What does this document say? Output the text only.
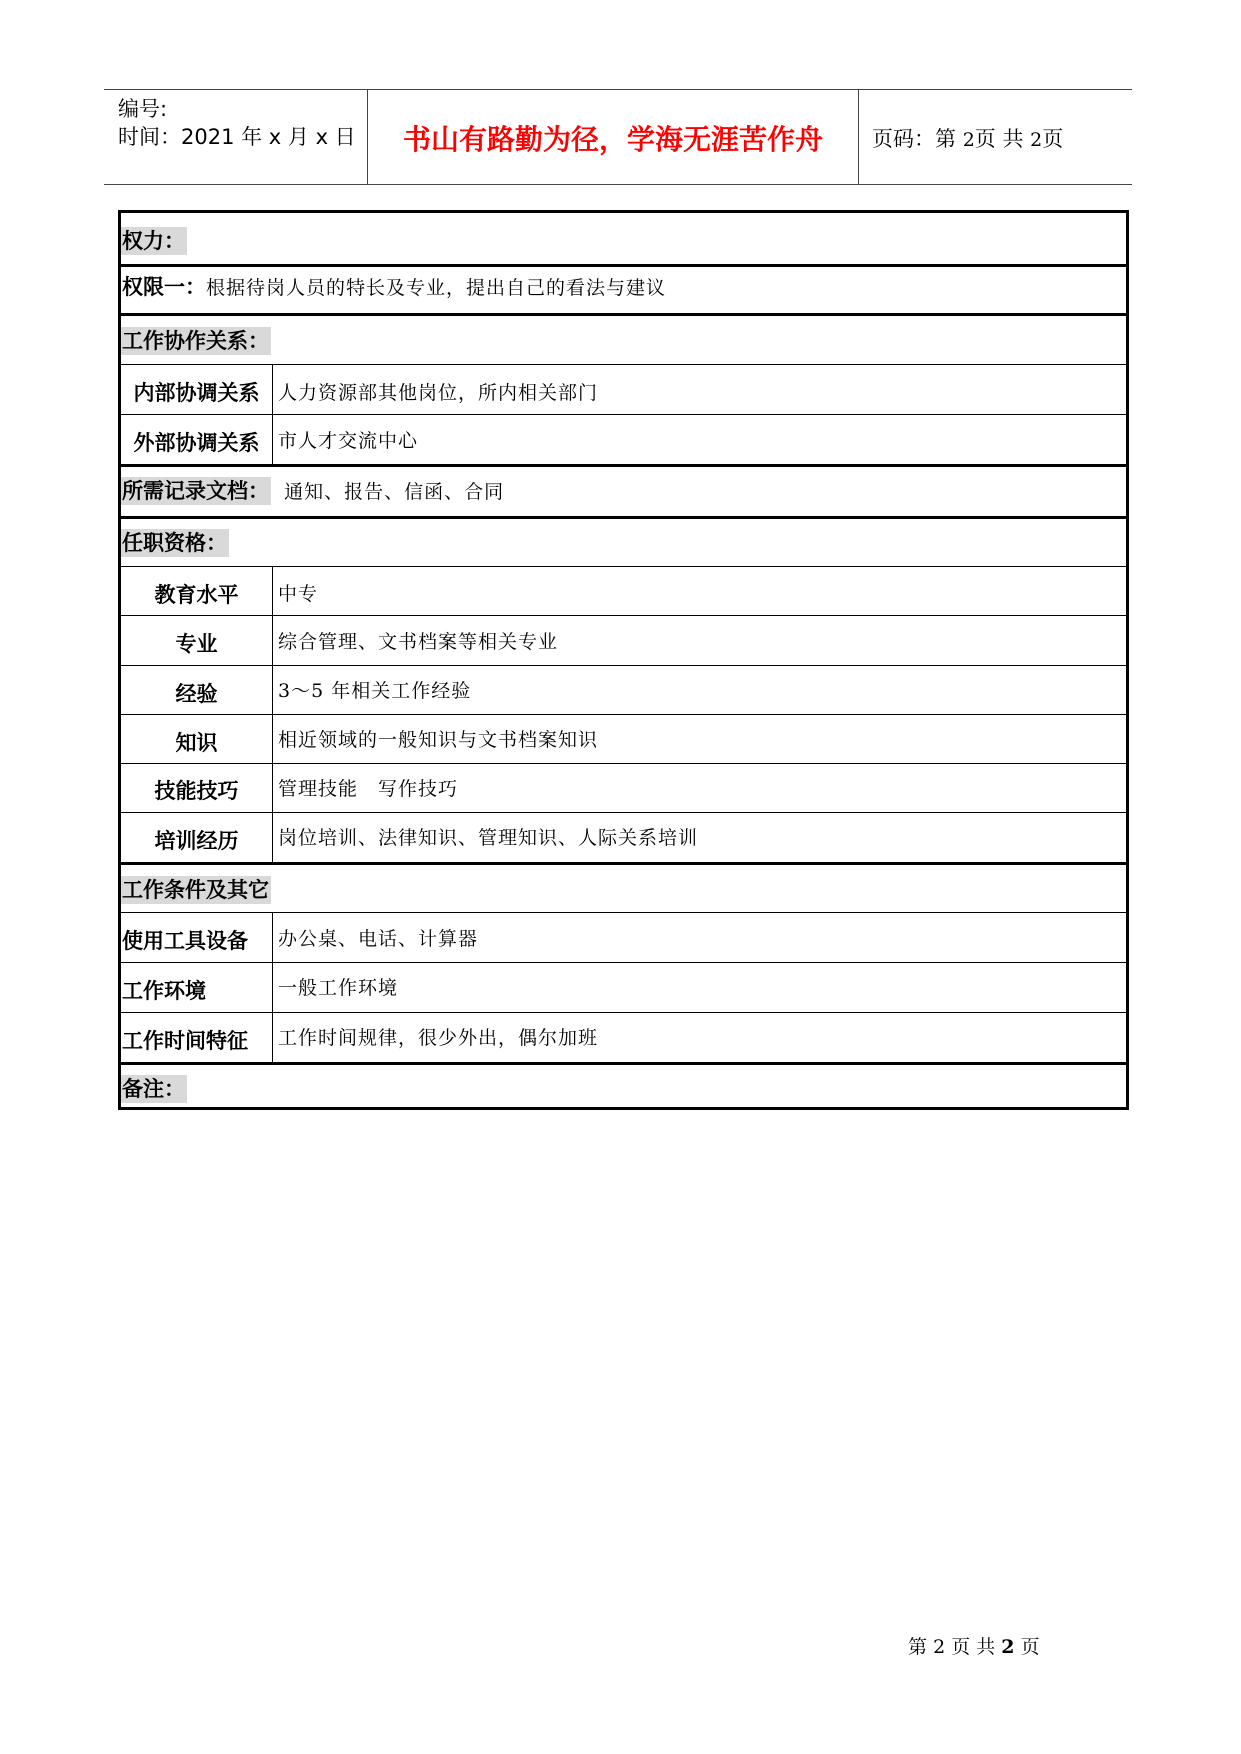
编号:
时间：2021 年 x 月 x 日	书山有路勤为径，学海无涯苦作舟	页码：第 2页 共 2页
权力：
权限一：根据待岗人员的特长及专业，提出自己的看法与建议
工作协作关系：
内部协调关系 人力资源部其他岗位，所内相关部门
外部协调关系 市人才交流中心
所需记录文档： 通知、报告、信函、合同
任职资格：
教育水平	中专
专业	综合管理、文书档案等相关专业
经验	3～5 年相关工作经验
知识	相近领域的一般知识与文书档案知识
技能技巧	管理技能　写作技巧
培训经历	岗位培训、法律知识、管理知识、人际关系培训
工作条件及其它
使用工具设备	办公桌、电话、计算器
工作环境	一般工作环境
工作时间特征	工作时间规律，很少外出，偶尔加班
备注：
第 2 页 共 2 页
